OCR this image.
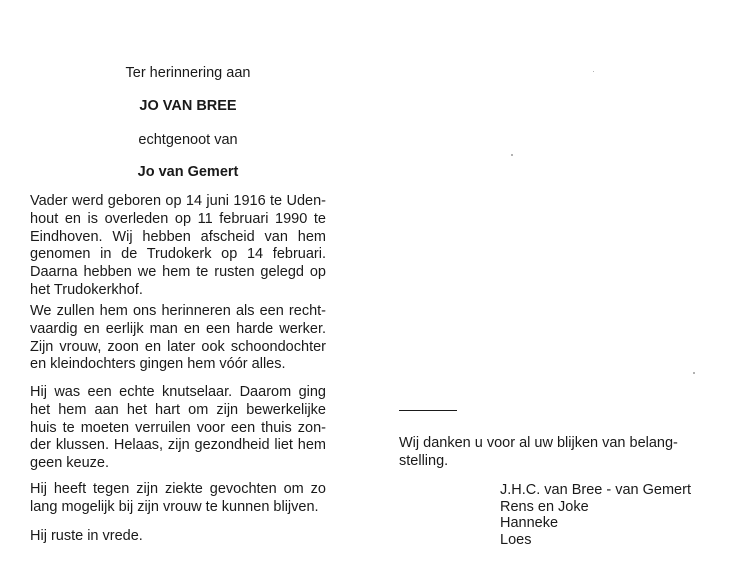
Ter herinnering aan
JO VAN BREE
echtgenoot van
Jo van Gemert
Vader werd geboren op 14 juni 1916 te Uden-
hout en is overleden op 11 februari 1990 te
Eindhoven. Wij hebben afscheid van hem
genomen in de Trudokerk op 14 februari.
Daarna hebben we hem te rusten gelegd op
het Trudokerkhof.
We zullen hem ons herinneren als een recht-
vaardig en eerlijk man en een harde werker.
Zijn vrouw, zoon en later ook schoondochter
en kleindochters gingen hem vóór alles.
Hij was een echte knutselaar. Daarom ging
het hem aan het hart om zijn bewerkelijke
huis te moeten verruilen voor een thuis zon-
der klussen. Helaas, zijn gezondheid liet hem
geen keuze.
Hij heeft tegen zijn ziekte gevochten om zo
lang mogelijk bij zijn vrouw te kunnen blijven.
Hij ruste in vrede.
Wij danken u voor al uw blijken van belang-
stelling.
J.H.C. van Bree - van Gemert
Rens en Joke
Hanneke
Loes
